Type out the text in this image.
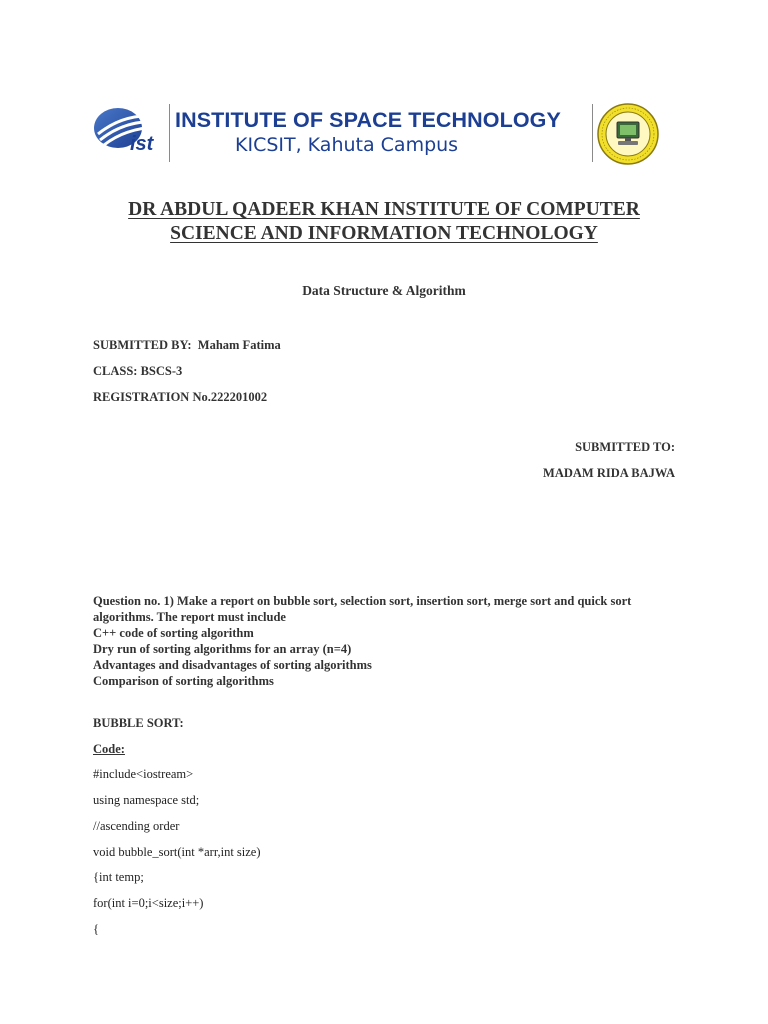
ist
INSTITUTE OF SPACE TECHNOLOGY
KICSIT, Kahuta Campus
DR ABDUL QADEER KHAN INSTITUTE OF COMPUTER
SCIENCE AND INFORMATION TECHNOLOGY
Data Structure & Algorithm
SUBMITTED BY:  Maham Fatima
CLASS: BSCS-3
REGISTRATION No.222201002
SUBMITTED TO:
MADAM RIDA BAJWA
Question no. 1) Make a report on bubble sort, selection sort, insertion sort, merge sort and quick sort algorithms. The report must include
C++ code of sorting algorithm
Dry run of sorting algorithms for an array (n=4)
Advantages and disadvantages of sorting algorithms
Comparison of sorting algorithms
BUBBLE SORT:
Code:
#include<iostream>
using namespace std;
//ascending order
void bubble_sort(int *arr,int size)
{int temp;
for(int i=0;i<size;i++)
{
